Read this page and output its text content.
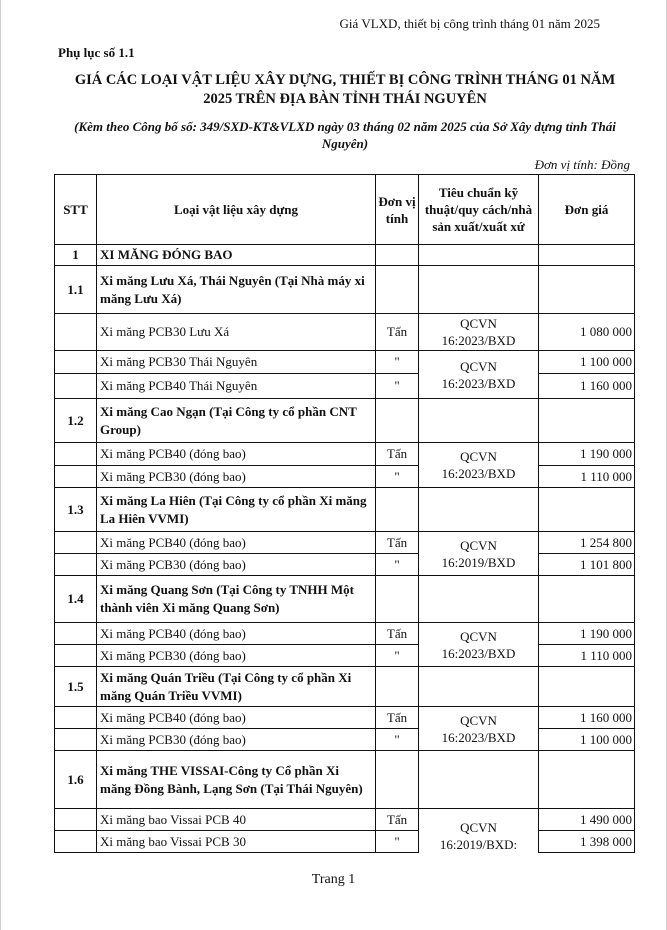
Giá VLXD, thiết bị công trình tháng 01 năm 2025
Phụ lục số 1.1
GIÁ CÁC LOẠI VẬT LIỆU XÂY DỰNG, THIẾT BỊ CÔNG TRÌNH THÁNG 01 NĂM 2025 TRÊN ĐỊA BÀN TỈNH THÁI NGUYÊN
(Kèm theo Công bố số: 349/SXD-KT&VLXD ngày 03 tháng 02 năm 2025 của Sở Xây dựng tỉnh Thái Nguyên)
Đơn vị tính: Đồng
STT	Loại vật liệu xây dựng	Đơn vị tính	Tiêu chuẩn kỹ thuật/quy cách/nhà sản xuất/xuất xứ	Đơn giá
1	XI MĂNG ĐÓNG BAO			
1.1	Xi măng Lưu Xá, Thái Nguyên (Tại Nhà máy xi măng Lưu Xá)			
	Xi măng PCB30 Lưu Xá	Tấn	QCVN 16:2023/BXD	1 080 000
	Xi măng PCB30 Thái Nguyên	"	QCVN 16:2023/BXD	1 100 000
	Xi măng PCB40 Thái Nguyên	"		1 160 000
1.2	Xi măng Cao Ngạn (Tại Công ty cổ phần CNT Group)			
	Xi măng PCB40 (đóng bao)	Tấn	QCVN 16:2023/BXD	1 190 000
	Xi măng PCB30 (đóng bao)	"		1 110 000
1.3	Xi măng La Hiên (Tại Công ty cổ phần Xi măng La Hiên VVMI)			
	Xi măng PCB40 (đóng bao)	Tấn	QCVN 16:2019/BXD	1 254 800
	Xi măng PCB30 (đóng bao)	"		1 101 800
1.4	Xi măng Quang Sơn (Tại Công ty TNHH Một thành viên Xi măng Quang Sơn)			
	Xi măng PCB40 (đóng bao)	Tấn	QCVN 16:2023/BXD	1 190 000
	Xi măng PCB30 (đóng bao)	"		1 110 000
1.5	Xi măng Quán Triều (Tại Công ty cổ phần Xi măng Quán Triều VVMI)			
	Xi măng PCB40 (đóng bao)	Tấn	QCVN 16:2023/BXD	1 160 000
	Xi măng PCB30 (đóng bao)	"		1 100 000
1.6	Xi măng THE VISSAI-Công ty Cổ phần Xi măng Đồng Bành, Lạng Sơn (Tại Thái Nguyên)			
	Xi măng bao Vissai PCB 40	Tấn	QCVN 16:2019/BXD:	1 490 000
	Xi măng bao Vissai PCB 30	"		1 398 000
Trang 1
